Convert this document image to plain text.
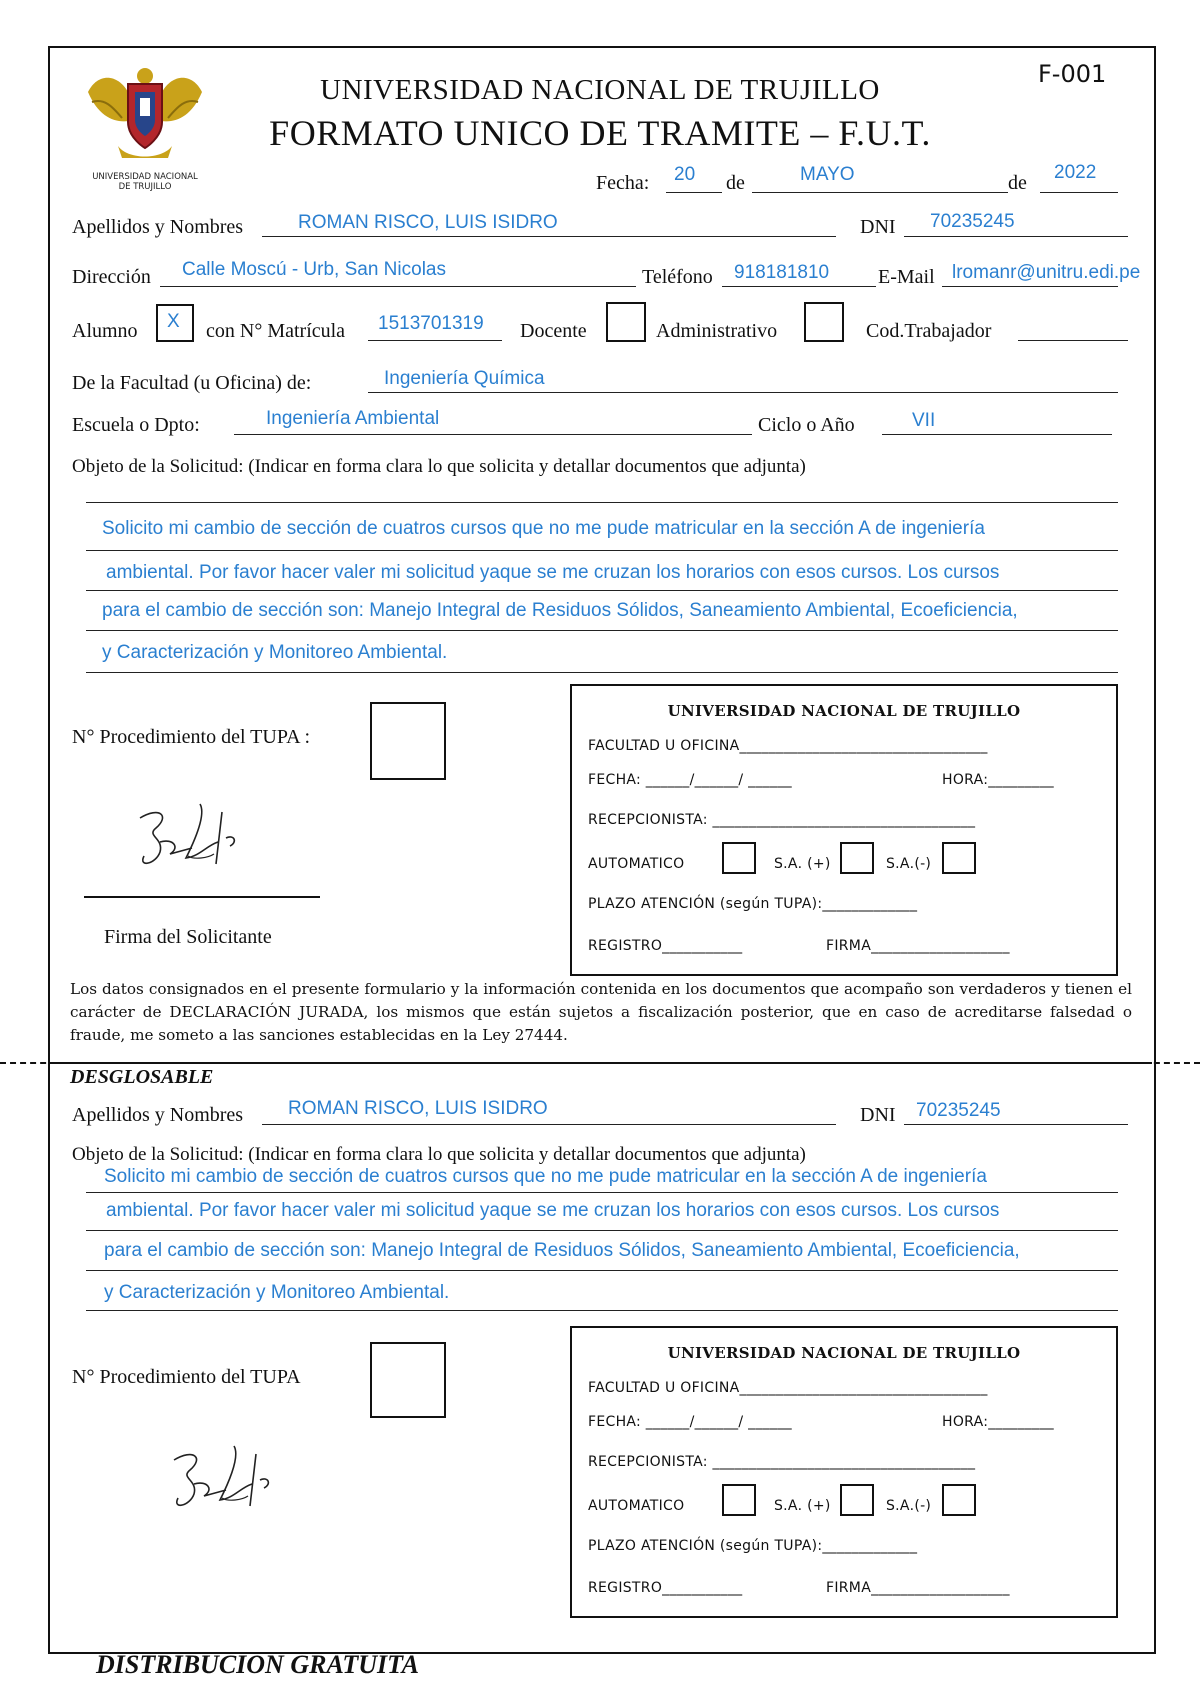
UNIVERSIDAD NACIONAL
DE TRUJILLO
F-001
UNIVERSIDAD NACIONAL DE TRUJILLO
FORMATO UNICO DE TRAMITE – F.U.T.
Fecha: 20 de	MAYO	de 2022
Apellidos y Nombres	ROMAN RISCO, LUIS ISIDRO	DNI 70235245
Dirección Calle Moscú - Urb, San Nicolas	Teléfono 918181810 E-Mail lromanr@unitru.edi.pe
Alumno X con N° Matrícula 1513701319 Docente	Administrativo	Cod.Trabajador
De la Facultad (u Oficina) de:	Ingeniería Química
Escuela o Dpto:	Ingeniería Ambiental	Ciclo o Año	VII
Objeto de la Solicitud: (Indicar en forma clara lo que solicita y detallar documentos que adjunta)
Solicito mi cambio de sección de cuatros cursos que no me pude matricular en la sección A de ingeniería
ambiental. Por favor hacer valer mi solicitud yaque se me cruzan los horarios con esos cursos. Los cursos
para el cambio de sección son: Manejo Integral de Residuos Sólidos, Saneamiento Ambiental, Ecoeficiencia,
y Caracterización y Monitoreo Ambiental.
N° Procedimiento del TUPA :
Firma del Solicitante
UNIVERSIDAD NACIONAL DE TRUJILLO
FACULTAD U OFICINA__________________________________
FECHA: ______/______/ ______	HORA:_________
RECEPCIONISTA: ____________________________________
AUTOMATICO	S.A. (+)	S.A.(-)
PLAZO ATENCIÓN (según TUPA):_____________
REGISTRO___________	FIRMA___________________
Los datos consignados en el presente formulario y la información contenida en los documentos que acompaño son verdaderos y tienen el carácter de DECLARACIÓN JURADA, los mismos que están sujetos a fiscalización posterior, que en caso de acreditarse falsedad o fraude, me someto a las sanciones establecidas en la Ley 27444.
DESGLOSABLE
Apellidos y Nombres ROMAN RISCO, LUIS ISIDRO	DNI 70235245
Objeto de la Solicitud: (Indicar en forma clara lo que solicita y detallar documentos que adjunta)
Solicito mi cambio de sección de cuatros cursos que no me pude matricular en la sección A de ingeniería
ambiental. Por favor hacer valer mi solicitud yaque se me cruzan los horarios con esos cursos. Los cursos
para el cambio de sección son: Manejo Integral de Residuos Sólidos, Saneamiento Ambiental, Ecoeficiencia,
y Caracterización y Monitoreo Ambiental.
N° Procedimiento del TUPA
UNIVERSIDAD NACIONAL DE TRUJILLO
FACULTAD U OFICINA__________________________________
FECHA: ______/______/ ______	HORA:_________
RECEPCIONISTA: ____________________________________
AUTOMATICO	S.A. (+)	S.A.(-)
PLAZO ATENCIÓN (según TUPA):_____________
REGISTRO___________	FIRMA___________________
DISTRIBUCION GRATUITA
